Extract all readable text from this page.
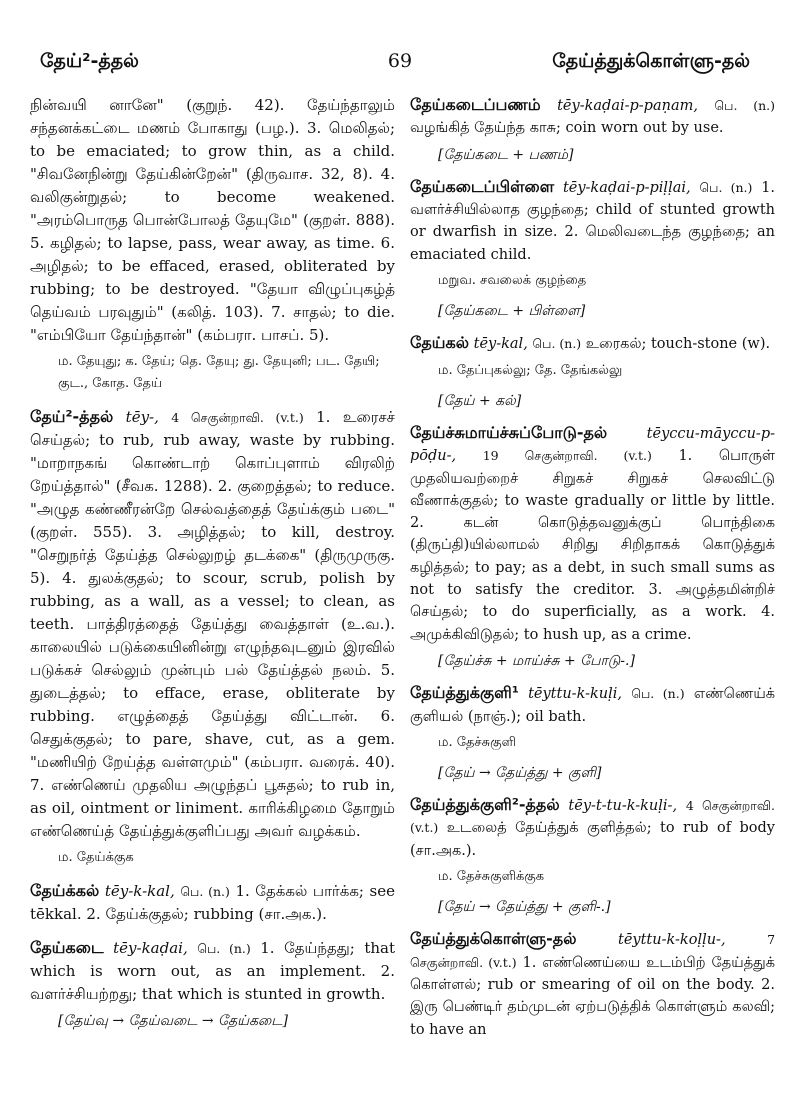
தேய்²-த்தல்	69	தேய்த்துக்கொள்ளு-தல்
நின்வயி னானே" (குறுந். 42). தேய்ந்தாலும் சந்தனக்கட்டை மணம் போகாது (பழ.). 3. மெலிதல்; to be emaciated; to grow thin, as a child. "சிவனேநின்று தேய்கின்றேன்" (திருவாச. 32, 8). 4. வலிகுன்றுதல்; to become weakened. "அரம்பொருத பொன்போலத் தேயுமே" (குறள். 888). 5. கழிதல்; to lapse, pass, wear away, as time. 6. அழிதல்; to be effaced, erased, obliterated by rubbing; to be destroyed. "தேயா விழுப்புகழ்த் தெய்வம் பரவுதும்" (கலித். 103). 7. சாதல்; to die. "எம்பியோ தேய்ந்தான்" (கம்பரா. பாசப். 5).
ம. தேயுது; க. தேய்; தெ. தேயு; து. தேயுனி; பட. தேயி; குட., கோத. தேய்
தேய்²-த்தல் tēy-, 4 செகுன்றாவி. (v.t.) 1. உரைசச் செய்தல்; to rub, rub away, waste by rubbing. "மாறாநகங் கொண்டாற் கொப்புளாம் விரலிற் றேய்த்தால்" (சீவக. 1288). 2. குறைத்தல்; to reduce. "அழுத கண்ணீரன்றே செல்வத்தைத் தேய்க்கும் படை" (குறள். 555). 3. அழித்தல்; to kill, destroy. "செறுநர்த் தேய்த்த செல்லுறழ் தடக்கை" (திருமுருகு. 5). 4. துலக்குதல்; to scour, scrub, polish by rubbing, as a wall, as a vessel; to clean, as teeth. பாத்திரத்தைத் தேய்த்து வைத்தாள் (உ.வ.). காலையில் படுக்கையினின்று எழுந்தவுடனும் இரவில் படுக்கச் செல்லும் முன்பும் பல் தேய்த்தல் நலம். 5. துடைத்தல்; to efface, erase, obliterate by rubbing. எழுத்தைத் தேய்த்து விட்டான். 6. செதுக்குதல்; to pare, shave, cut, as a gem. "மணியிற் றேய்த்த வள்ளமும்" (கம்பரா. வரைக். 40). 7. எண்ணெய் முதலிய அழுந்தப் பூசுதல்; to rub in, as oil, ointment or liniment. காரிக்கிழமை தோறும் எண்ணெய்த் தேய்த்துக்குளிப்பது அவர் வழக்கம்.
ம. தேய்க்குக
தேய்க்கல் tēy-k-kal, பெ. (n.) 1. தேக்கல் பார்க்க; see tēkkal. 2. தேய்க்குதல்; rubbing (சா.அக.).
தேய்கடை tēy-kaḍai, பெ. (n.) 1. தேய்ந்தது; that which is worn out, as an implement. 2. வளர்ச்சியற்றது; that which is stunted in growth.
[தேய்வு → தேய்வடை → தேய்கடை]
தேய்கடைப்பணம் tēy-kaḍai-p-paṇam, பெ. (n.) வழங்கித் தேய்ந்த காசு; coin worn out by use.
[தேய்கடை + பணம்]
தேய்கடைப்பிள்ளை tēy-kaḍai-p-piḷḷai, பெ. (n.) 1. வளர்ச்சியில்லாத குழந்தை; child of stunted growth or dwarfish in size. 2. மெலிவடைந்த குழந்தை; an emaciated child.
மறுவ. சவலைக் குழந்தை
[தேய்கடை + பிள்ளை]
தேய்கல் tēy-kal, பெ. (n.) உரைகல்; touch-stone (w).
ம. தேப்புகல்லு; தே. தேங்கல்லு
[தேய் + கல்]
தேய்ச்சுமாய்ச்சுப்போடு-தல்	tēyccu-māyccu-p-pōḍu-, 19 செகுன்றாவி. (v.t.) 1. பொருள் முதலியவற்றைச் சிறுகச் சிறுகச் செலவிட்டு வீணாக்குதல்; to waste gradually or little by little. 2. கடன் கொடுத்தவனுக்குப் பொந்திகை (திருப்தி)யில்லாமல் சிறிது சிறிதாகக் கொடுத்துக் கழித்தல்; to pay; as a debt, in such small sums as not to satisfy the creditor. 3. அழுத்தமின்றிச் செய்தல்; to do superficially, as a work. 4. அமுக்கிவிடுதல்; to hush up, as a crime.
[தேய்ச்சு + மாய்ச்சு + போடு-.]
தேய்த்துக்குளி¹ tēyttu-k-kuḷi, பெ. (n.) எண்ணெய்க் குளியல் (நாஞ்.); oil bath.
ம. தேச்சுகுளி
[தேய் → தேய்த்து + குளி]
தேய்த்துக்குளி²-த்தல் tēy-t-tu-k-kuḷi-, 4 செகுன்றாவி. (v.t.) உடலைத் தேய்த்துக் குளித்தல்; to rub of body (சா.அக.).
ம. தேச்சுகுளிக்குக
[தேய் → தேய்த்து + குளி-.]
தேய்த்துக்கொள்ளு-தல்	tēyttu-k-koḷḷu-,	7 செகுன்றாவி. (v.t.) 1. எண்ணெய்யை உடம்பிற் தேய்த்துக் கொள்ளல்; rub or smearing of oil on the body. 2. இரு பெண்டிர் தம்முடன் ஏற்படுத்திக் கொள்ளும் கலவி; to have an
